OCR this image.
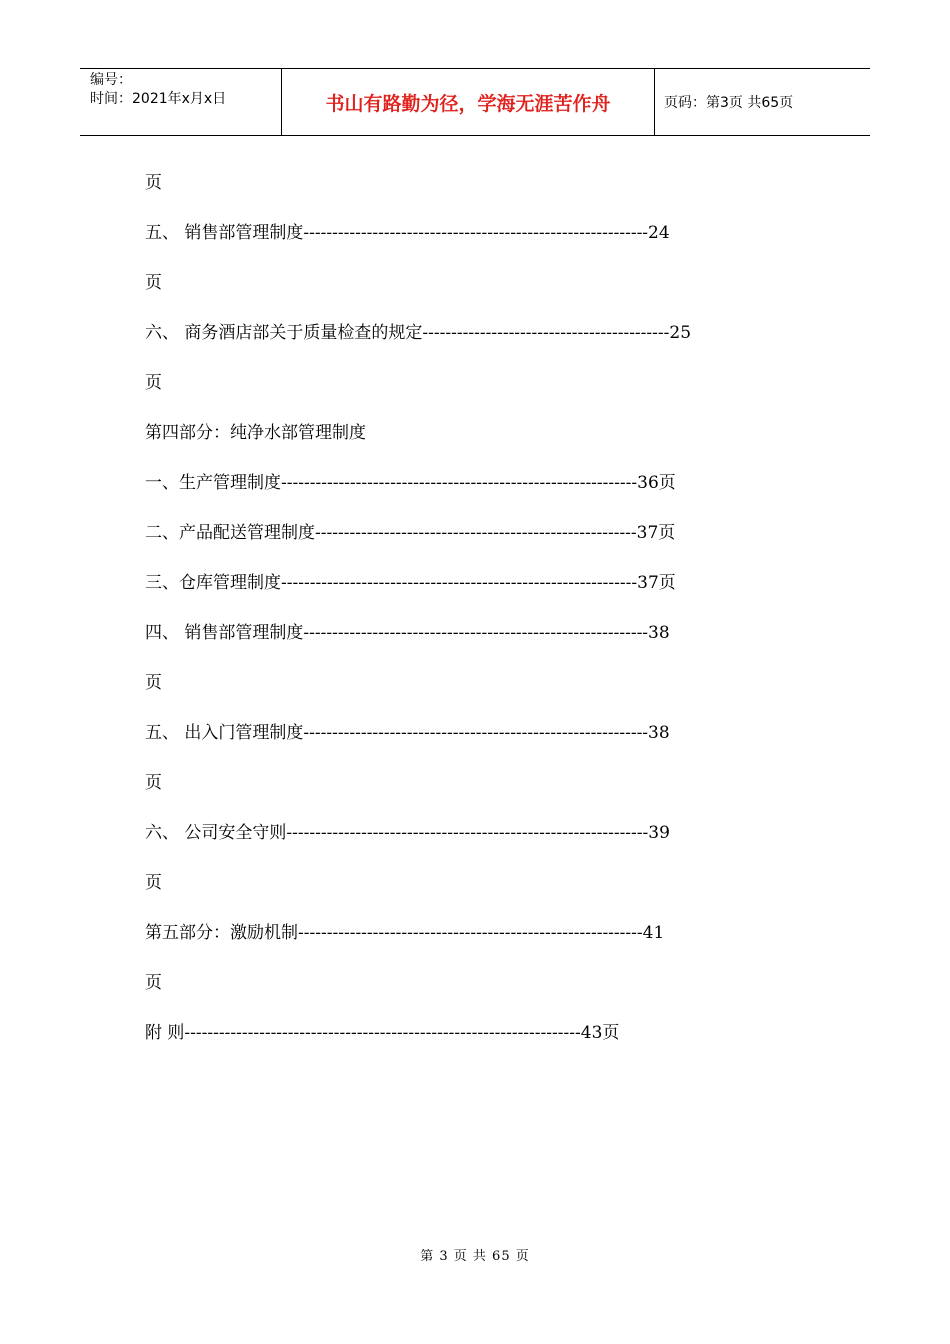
编号：
时间：2021年x月x日	书山有路勤为径，学海无涯苦作舟	页码：第3页 共65页
页
五、 销售部管理制度------------------------------------------------------------24
页
六、 商务酒店部关于质量检查的规定-------------------------------------------25
页
第四部分：纯净水部管理制度
一、生产管理制度--------------------------------------------------------------36页
二、产品配送管理制度--------------------------------------------------------37页
三、仓库管理制度--------------------------------------------------------------37页
四、 销售部管理制度------------------------------------------------------------38
页
五、 出入门管理制度------------------------------------------------------------38
页
六、 公司安全守则---------------------------------------------------------------39
页
第五部分：激励机制------------------------------------------------------------41
页
附 则---------------------------------------------------------------------43页
第 3 页 共 65 页
